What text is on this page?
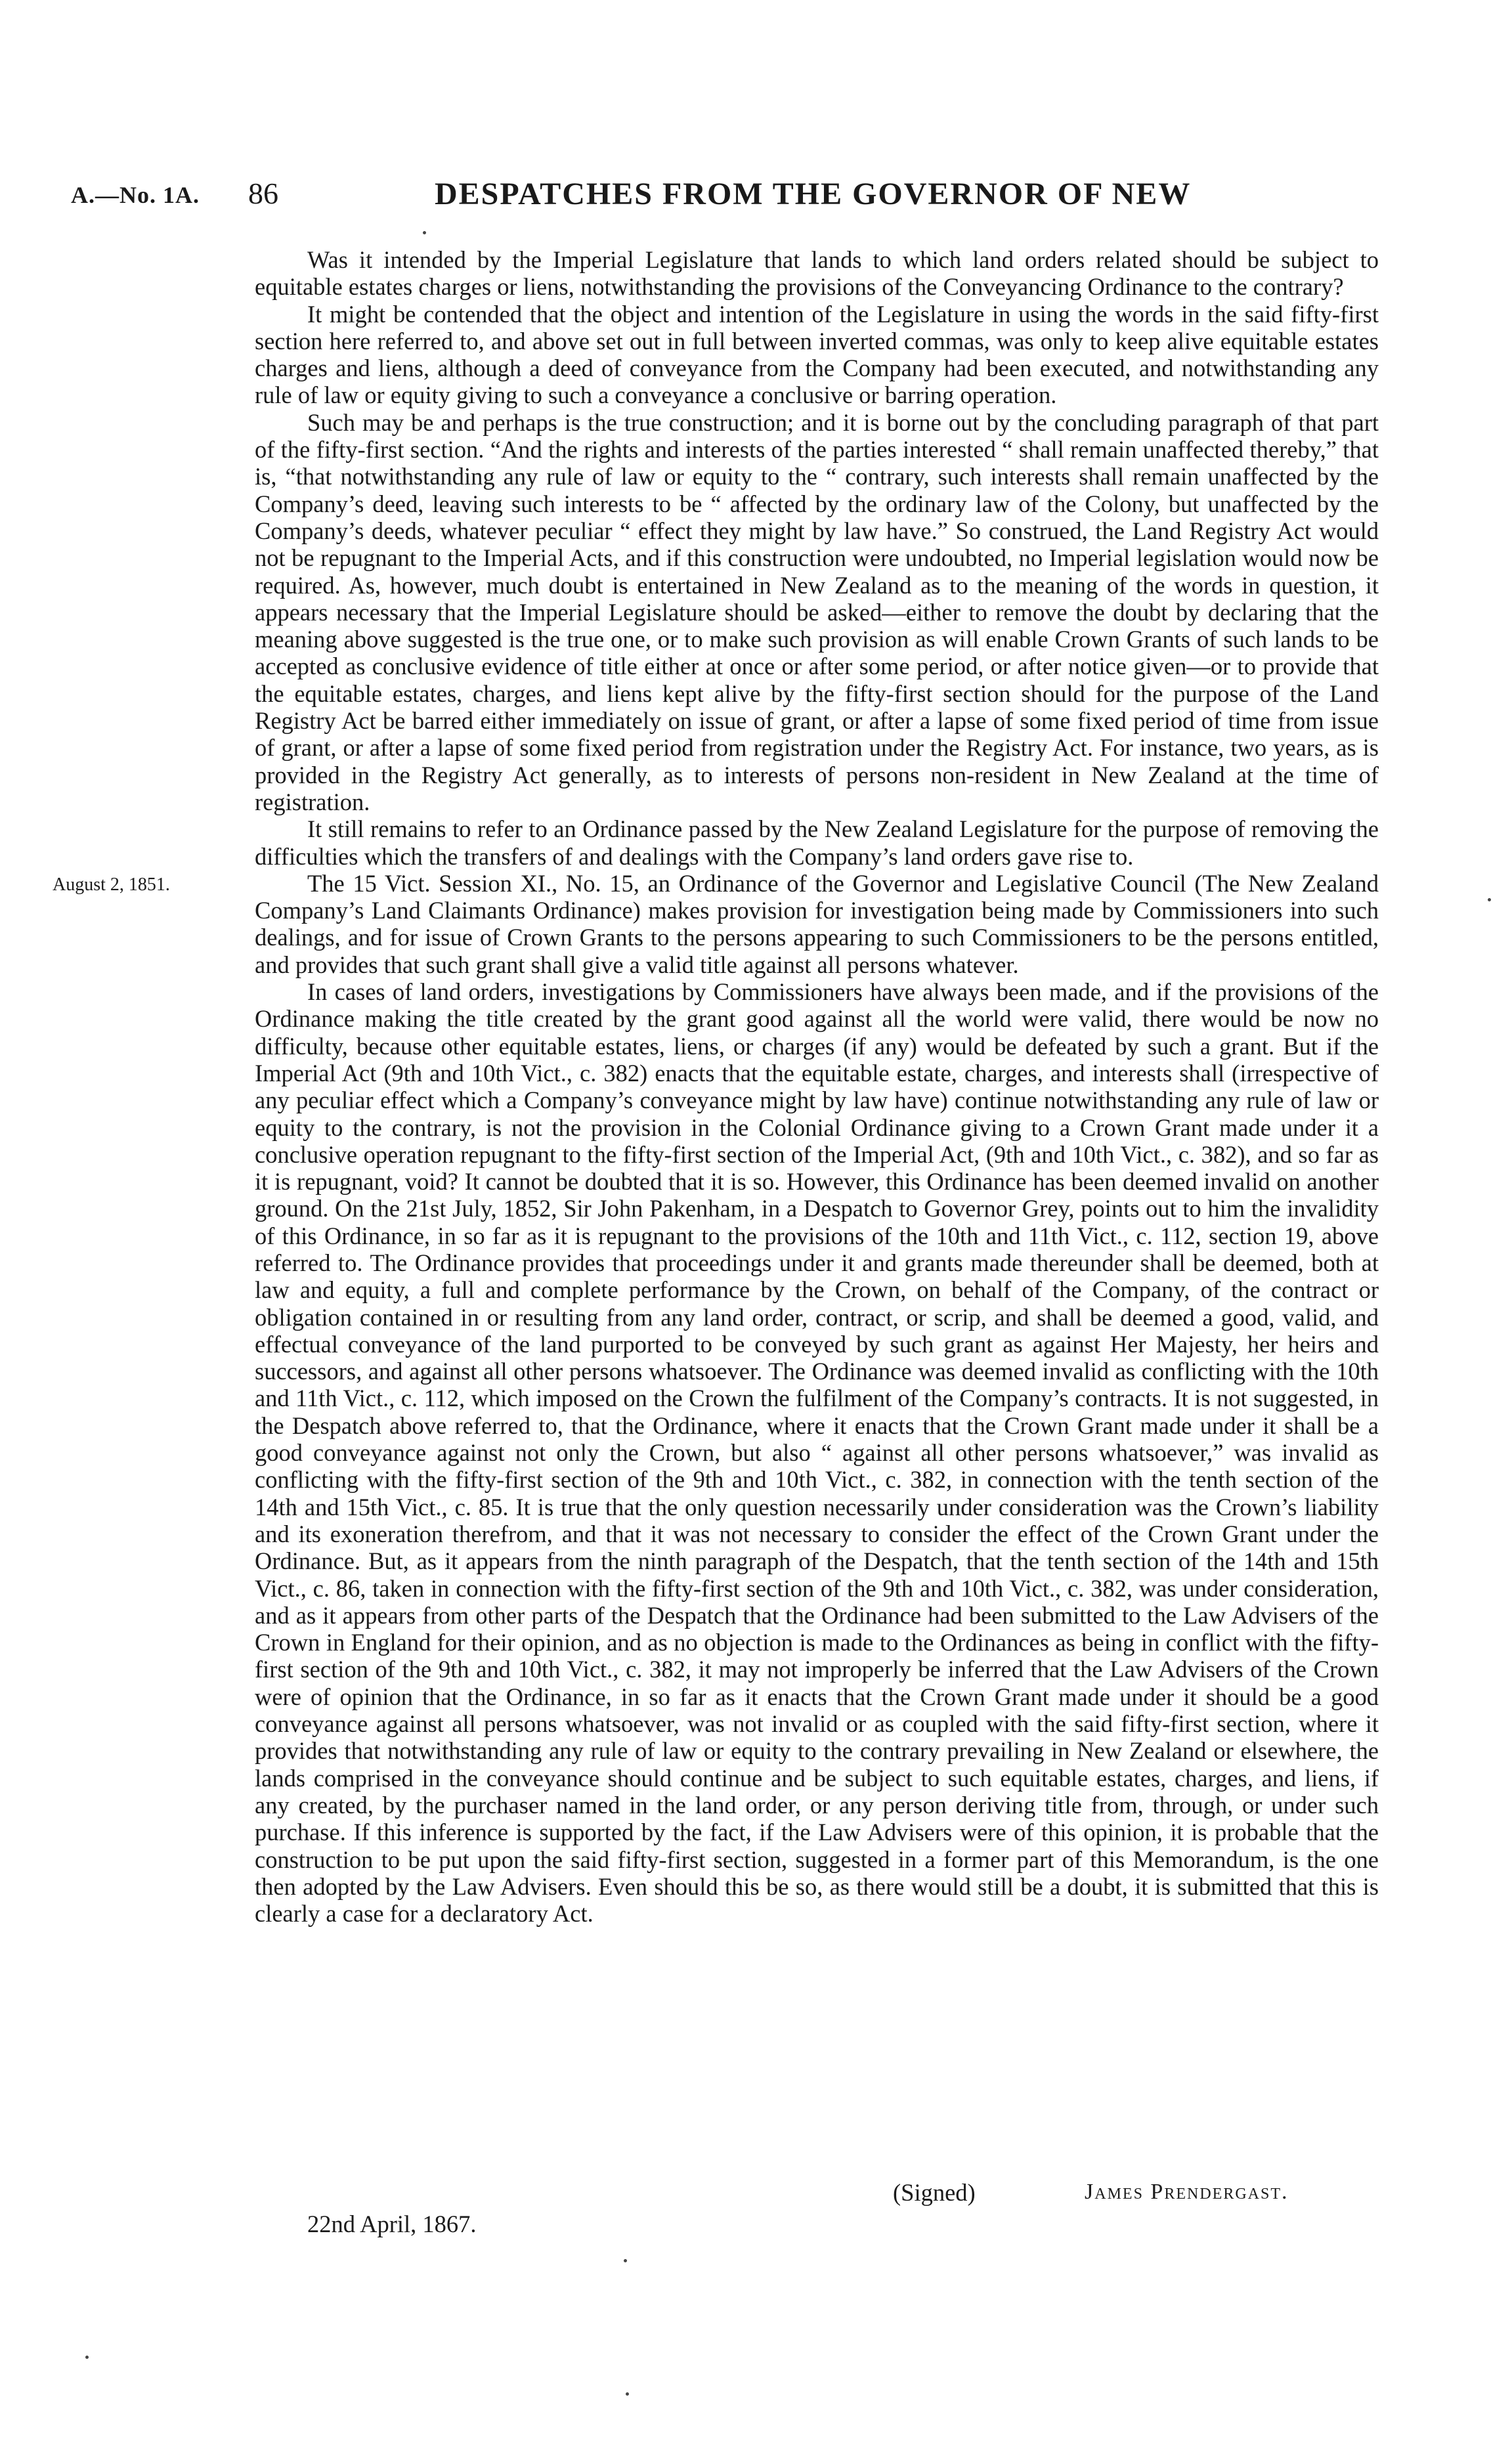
A.—No. 1A. 86	DESPATCHES FROM THE GOVERNOR OF NEW

Was it intended by the Imperial Legislature that lands to which land orders related should be subject to equitable estates charges or liens, notwithstanding the provisions of the Conveyancing Ordinance to the contrary?

It might be contended that the object and intention of the Legislature in using the words in the said fifty-first section here referred to, and above set out in full between inverted commas, was only to keep alive equitable estates charges and liens, although a deed of conveyance from the Company had been executed, and notwithstanding any rule of law or equity giving to such a conveyance a conclusive or barring operation.

Such may be and perhaps is the true construction; and it is borne out by the concluding paragraph of that part of the fifty-first section. “And the rights and interests of the parties interested “ shall remain unaffected thereby,” that is, “that notwithstanding any rule of law or equity to the “ contrary, such interests shall remain unaffected by the Company’s deed, leaving such interests to be “ affected by the ordinary law of the Colony, but unaffected by the Company’s deeds, whatever peculiar “ effect they might by law have.” So construed, the Land Registry Act would not be repugnant to the Imperial Acts, and if this construction were undoubted, no Imperial legislation would now be required. As, however, much doubt is entertained in New Zealand as to the meaning of the words in question, it appears necessary that the Imperial Legislature should be asked—either to remove the doubt by declaring that the meaning above suggested is the true one, or to make such provision as will enable Crown Grants of such lands to be accepted as conclusive evidence of title either at once or after some period, or after notice given—or to provide that the equitable estates, charges, and liens kept alive by the fifty-first section should for the purpose of the Land Registry Act be barred either immediately on issue of grant, or after a lapse of some fixed period of time from issue of grant, or after a lapse of some fixed period from registration under the Registry Act. For instance, two years, as is provided in the Registry Act generally, as to interests of persons non-resident in New Zealand at the time of registration.

It still remains to refer to an Ordinance passed by the New Zealand Legislature for the purpose of removing the difficulties which the transfers of and dealings with the Company’s land orders gave rise to.

August 2, 1851.	The 15 Vict. Session XI., No. 15, an Ordinance of the Governor and Legislative Council (The New Zealand Company’s Land Claimants Ordinance) makes provision for investigation being made by Commissioners into such dealings, and for issue of Crown Grants to the persons appearing to such Commissioners to be the persons entitled, and provides that such grant shall give a valid title against all persons whatever.

In cases of land orders, investigations by Commissioners have always been made, and if the provisions of the Ordinance making the title created by the grant good against all the world were valid, there would be now no difficulty, because other equitable estates, liens, or charges (if any) would be defeated by such a grant. But if the Imperial Act (9th and 10th Vict., c. 382) enacts that the equitable estate, charges, and interests shall (irrespective of any peculiar effect which a Company’s conveyance might by law have) continue notwithstanding any rule of law or equity to the contrary, is not the provision in the Colonial Ordinance giving to a Crown Grant made under it a conclusive operation repugnant to the fifty-first section of the Imperial Act, (9th and 10th Vict., c. 382), and so far as it is repugnant, void? It cannot be doubted that it is so. However, this Ordinance has been deemed invalid on another ground. On the 21st July, 1852, Sir John Pakenham, in a Despatch to Governor Grey, points out to him the invalidity of this Ordinance, in so far as it is repugnant to the provisions of the 10th and 11th Vict., c. 112, section 19, above referred to. The Ordinance provides that proceedings under it and grants made thereunder shall be deemed, both at law and equity, a full and complete performance by the Crown, on behalf of the Company, of the contract or obligation contained in or resulting from any land order, contract, or scrip, and shall be deemed a good, valid, and effectual conveyance of the land purported to be conveyed by such grant as against Her Majesty, her heirs and successors, and against all other persons whatsoever. The Ordinance was deemed invalid as conflicting with the 10th and 11th Vict., c. 112, which imposed on the Crown the fulfilment of the Company’s contracts. It is not suggested, in the Despatch above referred to, that the Ordinance, where it enacts that the Crown Grant made under it shall be a good conveyance against not only the Crown, but also “ against all other persons whatsoever,” was invalid as conflicting with the fifty-first section of the 9th and 10th Vict., c. 382, in connection with the tenth section of the 14th and 15th Vict., c. 85. It is true that the only question necessarily under consideration was the Crown’s liability and its exoneration therefrom, and that it was not necessary to consider the effect of the Crown Grant under the Ordinance. But, as it appears from the ninth paragraph of the Despatch, that the tenth section of the 14th and 15th Vict., c. 86, taken in connection with the fifty-first section of the 9th and 10th Vict., c. 382, was under consideration, and as it appears from other parts of the Despatch that the Ordinance had been submitted to the Law Advisers of the Crown in England for their opinion, and as no objection is made to the Ordinances as being in conflict with the fifty-first section of the 9th and 10th Vict., c. 382, it may not improperly be inferred that the Law Advisers of the Crown were of opinion that the Ordinance, in so far as it enacts that the Crown Grant made under it should be a good conveyance against all persons whatsoever, was not invalid or as coupled with the said fifty-first section, where it provides that notwithstanding any rule of law or equity to the contrary prevailing in New Zealand or elsewhere, the lands comprised in the conveyance should continue and be subject to such equitable estates, charges, and liens, if any created, by the purchaser named in the land order, or any person deriving title from, through, or under such purchase. If this inference is supported by the fact, if the Law Advisers were of this opinion, it is probable that the construction to be put upon the said fifty-first section, suggested in a former part of this Memorandum, is the one then adopted by the Law Advisers. Even should this be so, as there would still be a doubt, it is submitted that this is clearly a case for a declaratory Act.

(Signed)	James Prendergast.
22nd April, 1867.
